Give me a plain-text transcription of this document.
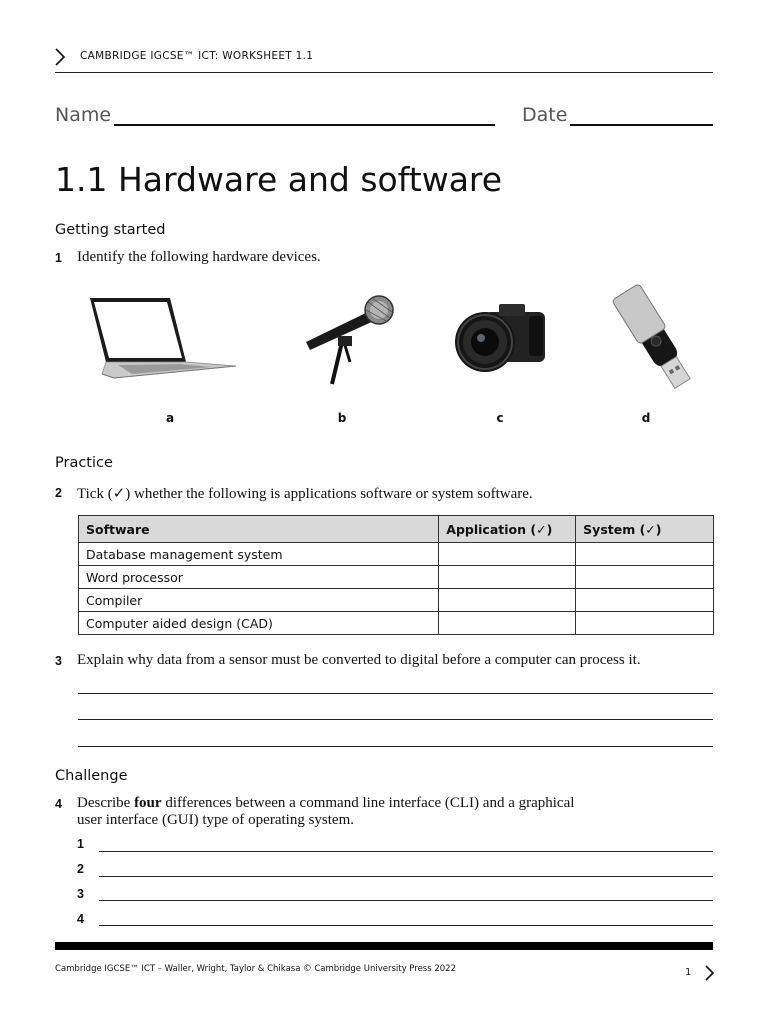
CAMBRIDGE IGCSE™ ICT: WORKSHEET 1.1
Name	Date
1.1 Hardware and software
Getting started
1 Identify the following hardware devices.
a	b	c	d
Practice
2 Tick (✓) whether the following is applications software or system software.
Software	Application (✓)	System (✓)
Database management system		
Word processor		
Compiler		
Computer aided design (CAD)		
3 Explain why data from a sensor must be converted to digital before a computer can process it.
Challenge
4 Describe four differences between a command line interface (CLI) and a graphical
user interface (GUI) type of operating system.
1
2
3
4
Cambridge IGCSE™ ICT – Waller, Wright, Taylor & Chikasa © Cambridge University Press 2022	1
